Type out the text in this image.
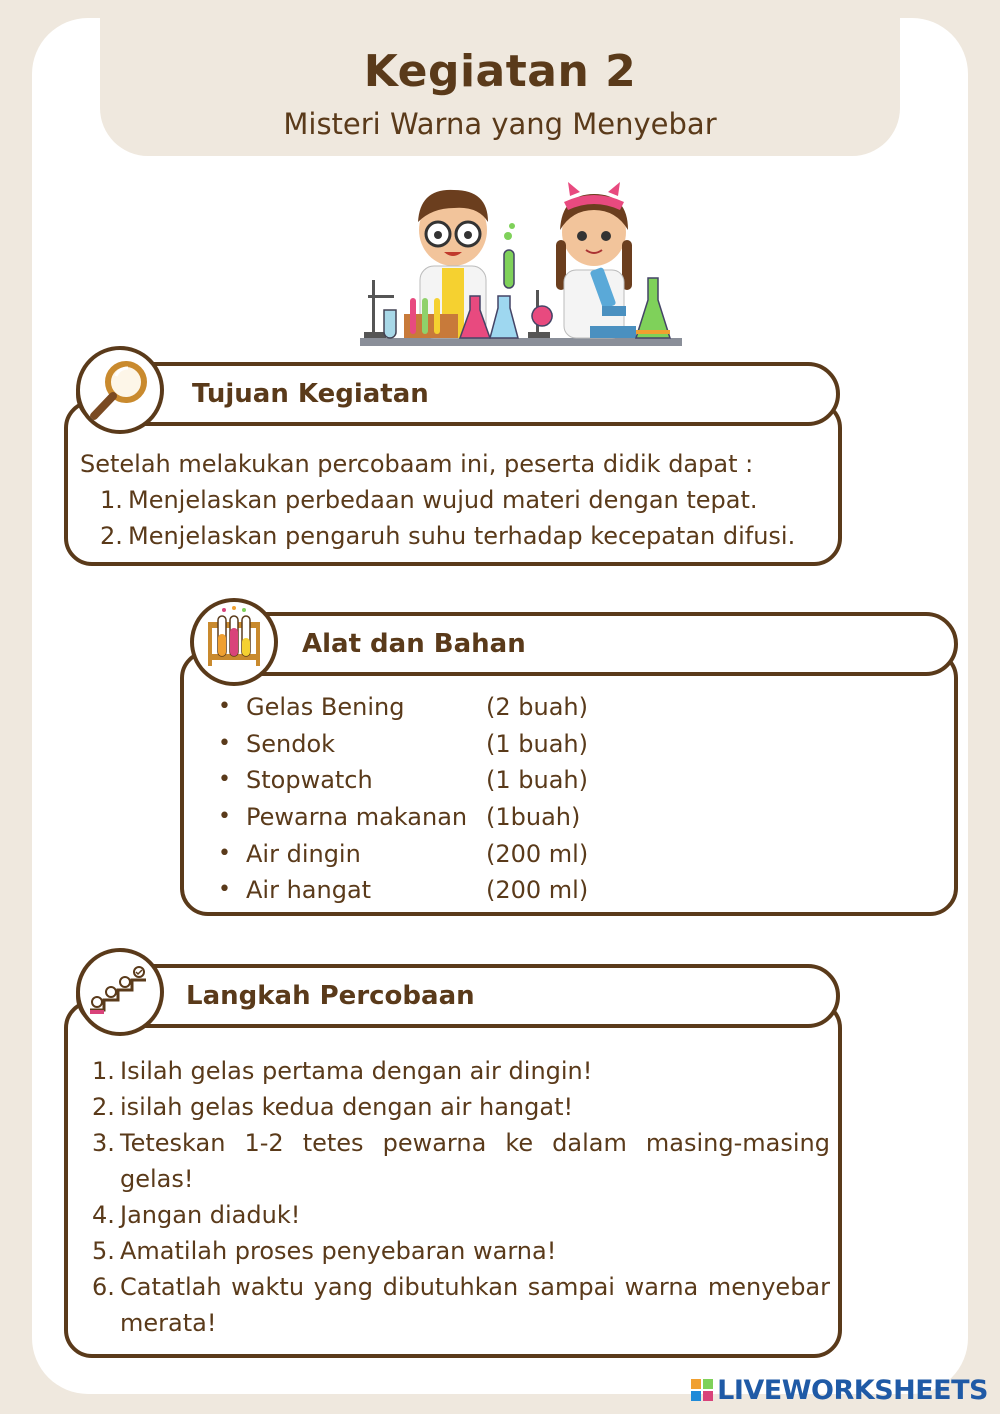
Kegiatan 2

Misteri Warna yang Menyebar

Tujuan Kegiatan
Setelah melakukan percobaam ini, peserta didik dapat :
1. Menjelaskan perbedaan wujud materi dengan tepat.
2. Menjelaskan pengaruh suhu terhadap kecepatan difusi.
Alat dan Bahan
• Gelas Bening	(2 buah)
• Sendok	(1 buah)
• Stopwatch	(1 buah)
• Pewarna makanan (1buah)
• Air dingin	(200 ml)
• Air hangat	(200 ml)
Langkah Percobaan
1. Isilah gelas pertama dengan air dingin!
2. isilah gelas kedua dengan air hangat!
3. Teteskan 1-2 tetes pewarna ke dalam masing-masing gelas!
4. Jangan diaduk!
5. Amatilah proses penyebaran warna!
6. Catatlah waktu yang dibutuhkan sampai warna menyebar merata!
LIVEWORKSHEETS
